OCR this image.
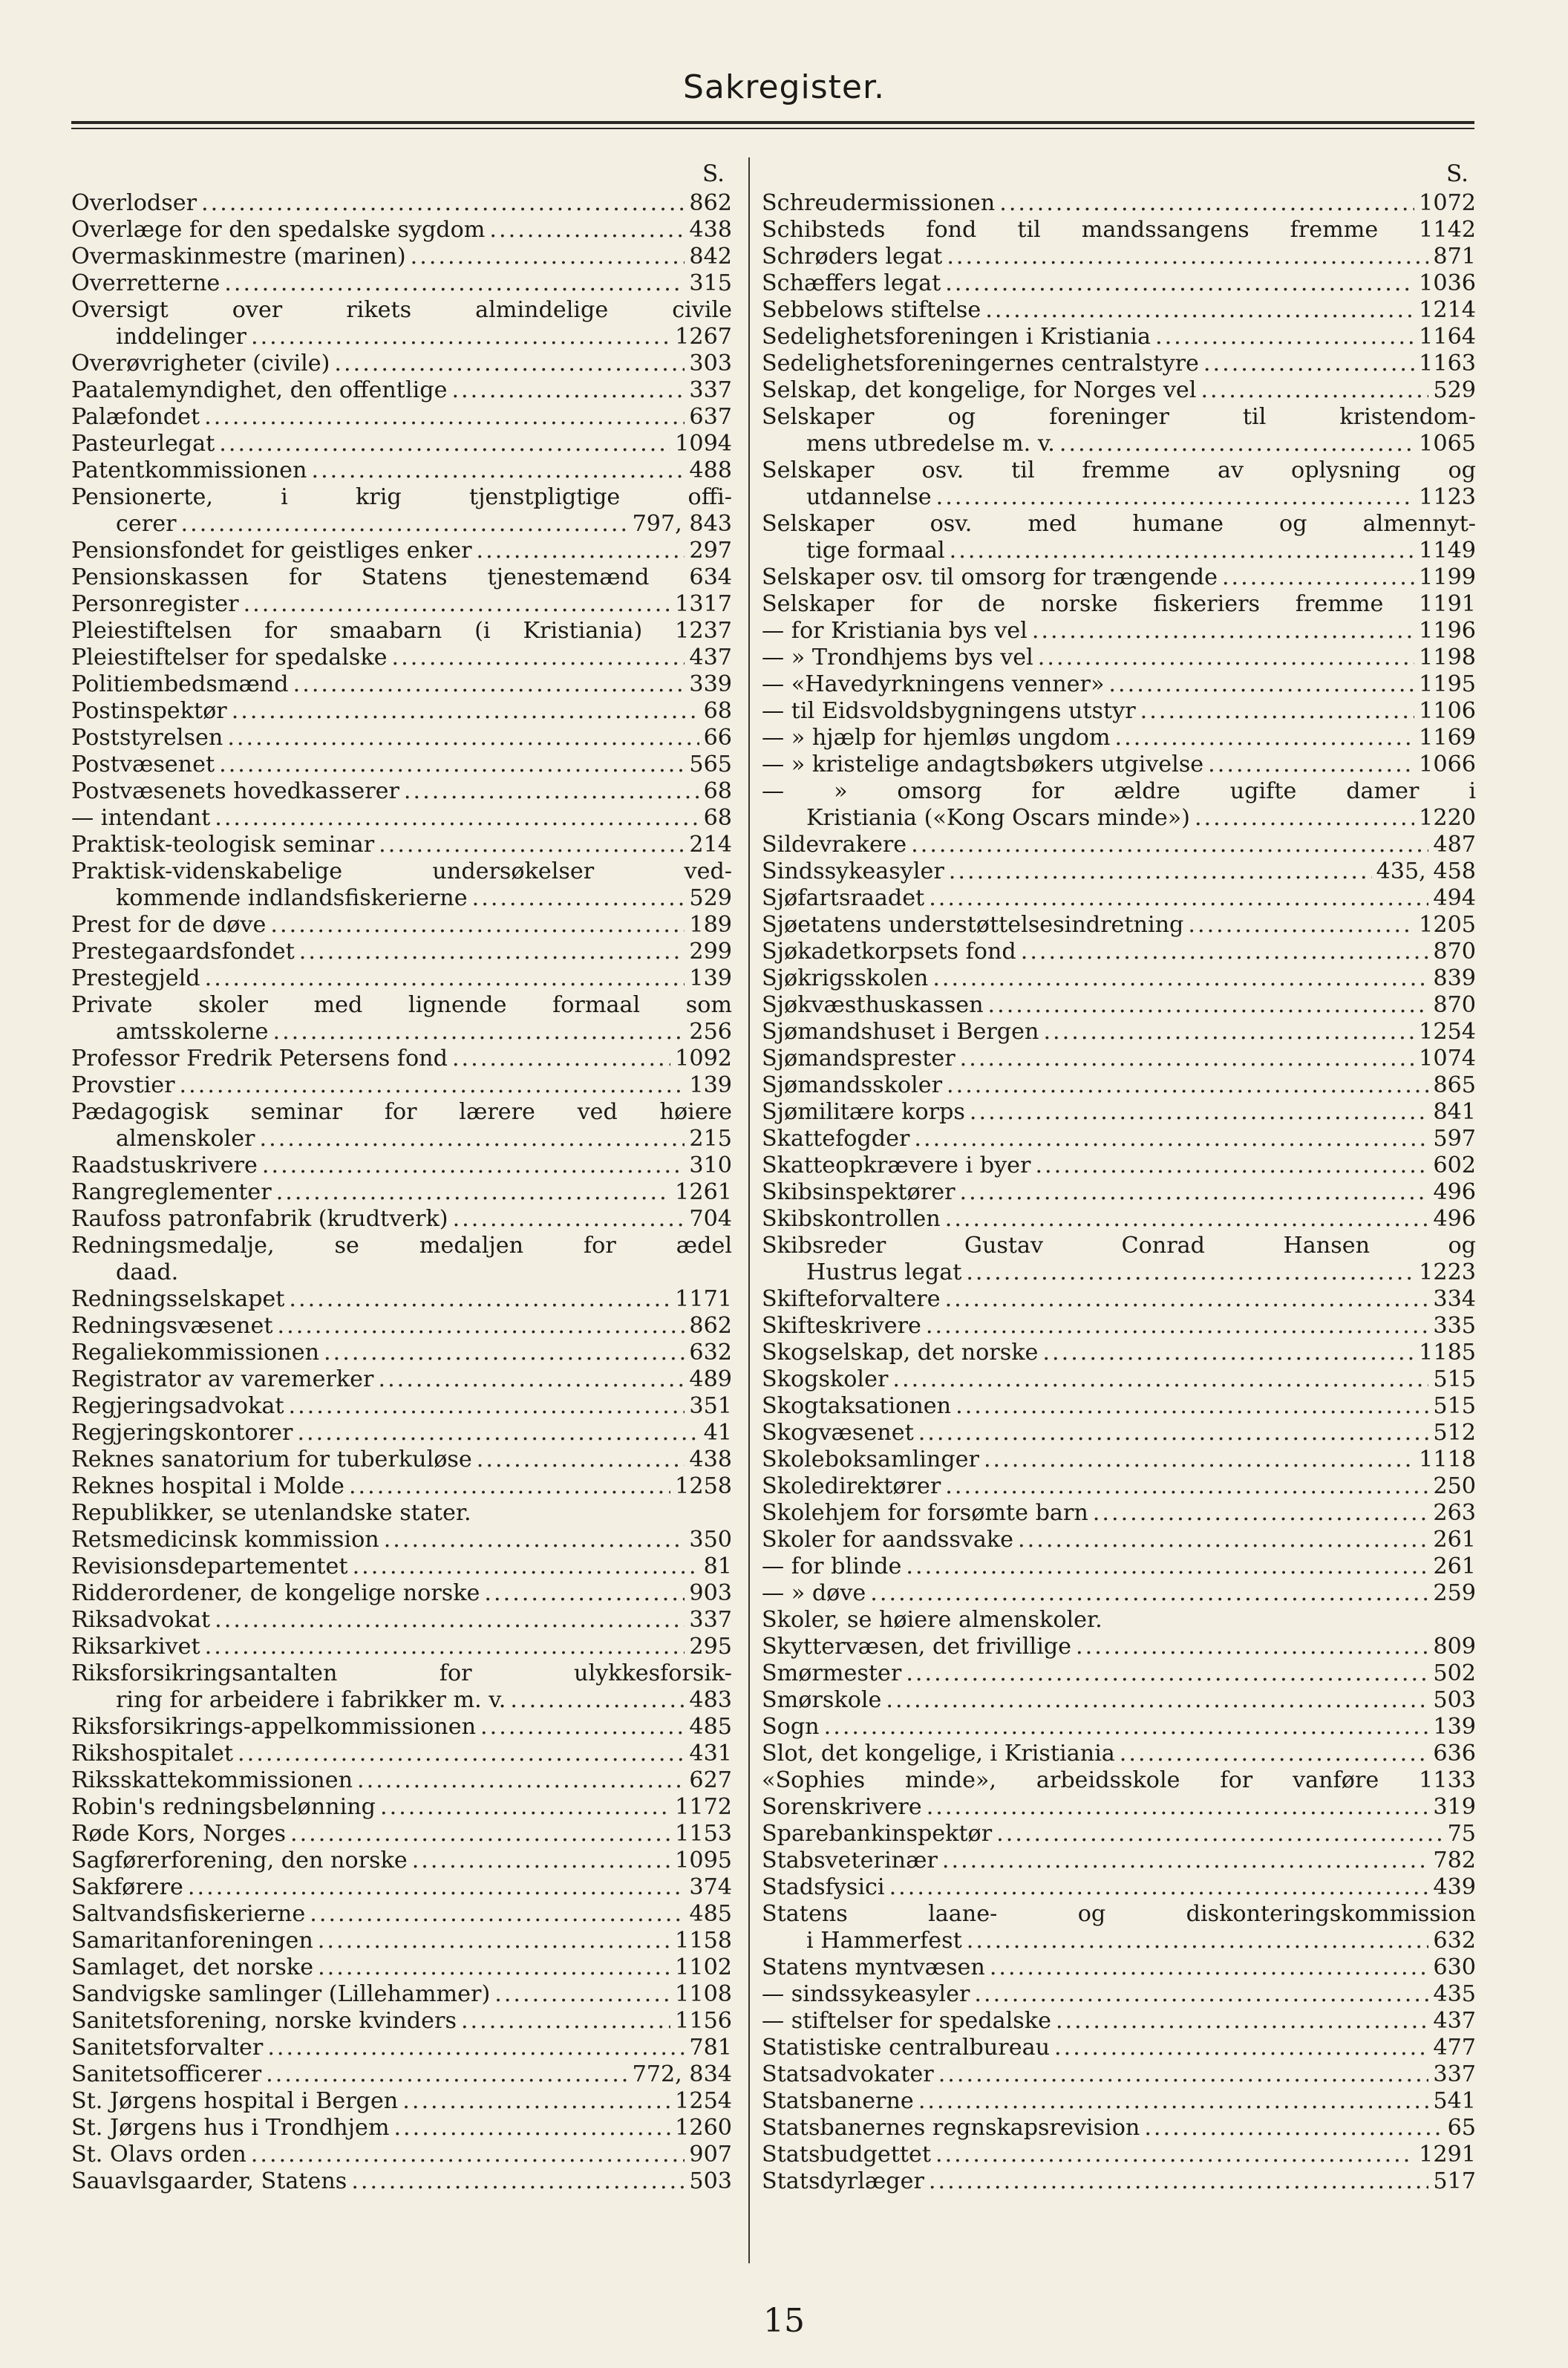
Sakregister.
S.
Overlodser .....	862
Overlæge for den spedalske sygdom .....	438
Overmaskinmestre (marinen) .....	842
Overretterne .....	315
Oversigt over rikets almindelige civile
inddelinger .....	1267
Overøvrigheter (civile) .....	303
Paatalemyndighet, den offentlige .....	337
Palæfondet .....	637
Pasteurlegat .....	1094
Patentkommissionen .....	488
Pensionerte, i krig tjenstpligtige offi-
cerer .....	797, 843
Pensionsfondet for geistliges enker .....	297
Pensionskassen for Statens tjenestemænd 634
Personregister .....	1317
Pleiestiftelsen for smaabarn (i Kristiania) 1237
Pleiestiftelser for spedalske .....	437
Politiembedsmænd .....	339
Postinspektør .....	68
Poststyrelsen .....	66
Postvæsenet .....	565
Postvæsenets hovedkasserer .....	68
— intendant .....	68
Praktisk-teologisk seminar .....	214
Praktisk-videnskabelige undersøkelser ved-
kommende indlandsfiskerierne .....	529
Prest for de døve .....	189
Prestegaardsfondet .....	299
Prestegjeld .....	139
Private skoler med lignende formaal som
amtsskolerne .....	256
Professor Fredrik Petersens fond .....	1092
Provstier .....	139
Pædagogisk seminar for lærere ved høiere
almenskoler .....	215
Raadstuskrivere .....	310
Rangreglementer .....	1261
Raufoss patronfabrik (krudtverk) .....	704
Redningsmedalje, se medaljen for ædel
daad.
Redningsselskapet .....	1171
Redningsvæsenet .....	862
Regaliekommissionen .....	632
Registrator av varemerker .....	489
Regjeringsadvokat .....	351
Regjeringskontorer .....	41
Reknes sanatorium for tuberkuløse .....	438
Reknes hospital i Molde .....	1258
Republikker, se utenlandske stater.
Retsmedicinsk kommission .....	350
Revisionsdepartementet .....	81
Ridderordener, de kongelige norske .....	903
Riksadvokat .....	337
Riksarkivet .....	295
Riksforsikringsantalten for ulykkesforsik-
ring for arbeidere i fabrikker m. v. .....	483
Riksforsikrings-appelkommissionen .....	485
Rikshospitalet .....	431
Riksskattekommissionen .....	627
Robin's redningsbelønning .....	1172
Røde Kors, Norges .....	1153
Sagførerforening, den norske .....	1095
Sakførere .....	374
Saltvandsfiskerierne .....	485
Samaritanforeningen .....	1158
Samlaget, det norske .....	1102
Sandvigske samlinger (Lillehammer) .....	1108
Sanitetsforening, norske kvinders .....	1156
Sanitetsforvalter .....	781
Sanitetsofficerer .....	772, 834
St. Jørgens hospital i Bergen .....	1254
St. Jørgens hus i Trondhjem .....	1260
St. Olavs orden .....	907
Sauavlsgaarder, Statens .....	503
S.
Schreudermissionen .....	1072
Schibsteds fond til mandssangens fremme 1142
Schrøders legat .....	871
Schæffers legat .....	1036
Sebbelows stiftelse .....	1214
Sedelighetsforeningen i Kristiania .....	1164
Sedelighetsforeningernes centralstyre .....	1163
Selskap, det kongelige, for Norges vel .....	529
Selskaper og foreninger til kristendom-
mens utbredelse m. v. .....	1065
Selskaper osv. til fremme av oplysning og
utdannelse .....	1123
Selskaper osv. med humane og almennyt-
tige formaal .....	1149
Selskaper osv. til omsorg for trængende .....	1199
Selskaper for de norske fiskeriers fremme 1191
— for Kristiania bys vel .....	1196
— » Trondhjems bys vel .....	1198
— «Havedyrkningens venner» .....	1195
— til Eidsvoldsbygningens utstyr .....	1106
— » hjælp for hjemløs ungdom .....	1169
— » kristelige andagtsbøkers utgivelse .....	1066
— » omsorg for ældre ugifte damer i
Kristiania («Kong Oscars minde») .....	1220
Sildevrakere .....	487
Sindssykeasyler .....	435, 458
Sjøfartsraadet .....	494
Sjøetatens understøttelsesindretning .....	1205
Sjøkadetkorpsets fond .....	870
Sjøkrigsskolen .....	839
Sjøkvæsthuskassen .....	870
Sjømandshuset i Bergen .....	1254
Sjømandsprester .....	1074
Sjømandsskoler .....	865
Sjømilitære korps .....	841
Skattefogder .....	597
Skatteopkrævere i byer .....	602
Skibsinspektører .....	496
Skibskontrollen .....	496
Skibsreder Gustav Conrad Hansen og
Hustrus legat .....	1223
Skifteforvaltere .....	334
Skifteskrivere .....	335
Skogselskap, det norske .....	1185
Skogskoler .....	515
Skogtaksationen .....	515
Skogvæsenet .....	512
Skoleboksamlinger .....	1118
Skoledirektører .....	250
Skolehjem for forsømte barn .....	263
Skoler for aandssvake .....	261
— for blinde .....	261
— » døve .....	259
Skoler, se høiere almenskoler.
Skyttervæsen, det frivillige .....	809
Smørmester .....	502
Smørskole .....	503
Sogn .....	139
Slot, det kongelige, i Kristiania .....	636
«Sophies minde», arbeidsskole for vanføre 1133
Sorenskrivere .....	319
Sparebankinspektør .....	75
Stabsveterinær .....	782
Stadsfysici .....	439
Statens laane- og diskonteringskommission
i Hammerfest .....	632
Statens myntvæsen .....	630
— sindssykeasyler .....	435
— stiftelser for spedalske .....	437
Statistiske centralbureau .....	477
Statsadvokater .....	337
Statsbanerne .....	541
Statsbanernes regnskapsrevision .....	65
Statsbudgettet .....	1291
Statsdyrlæger .....	517
15
